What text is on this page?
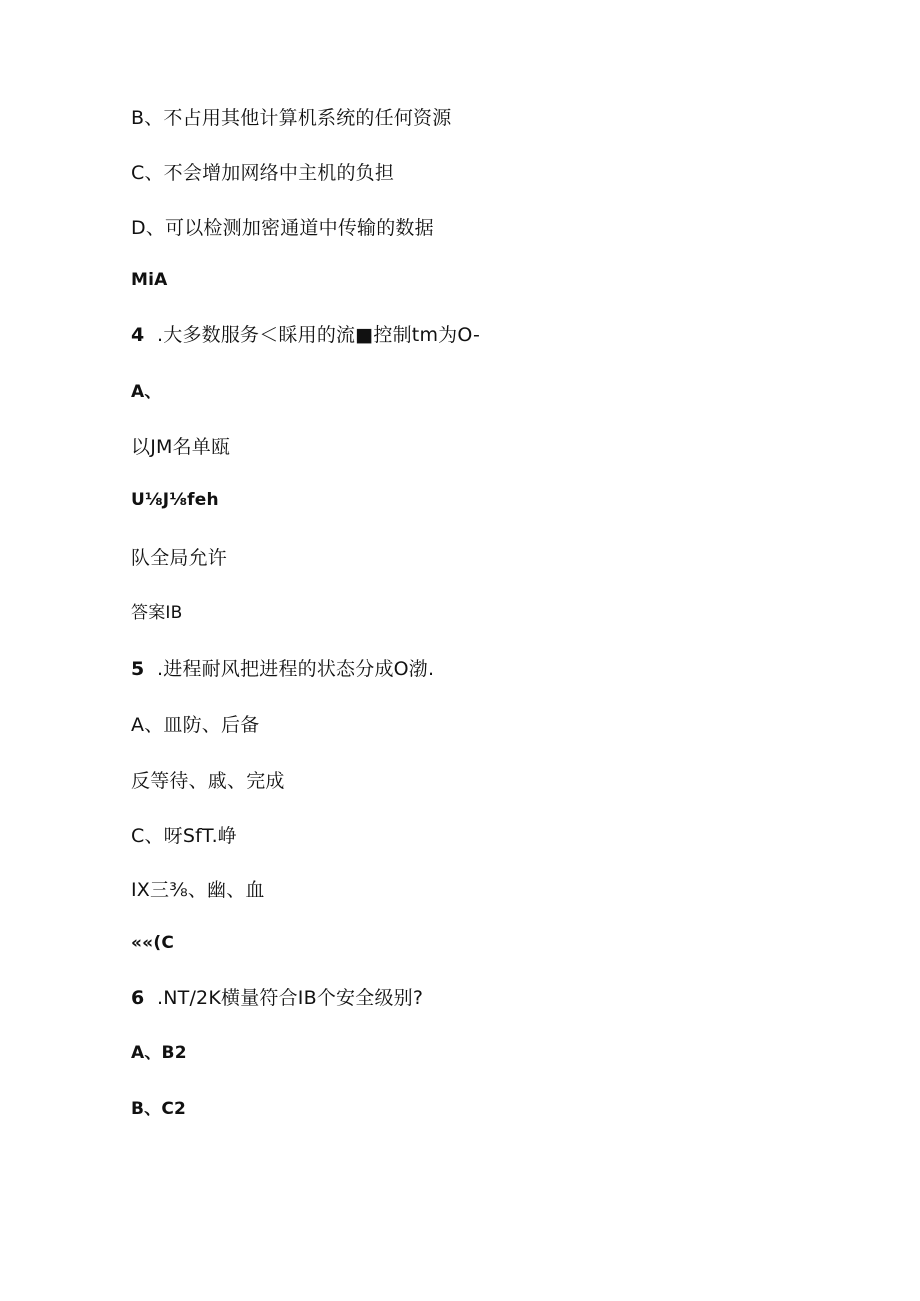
B、不占用其他计算机系统的任何资源
C、不会增加网络中主机的负担
D、可以检测加密通道中传输的数据
MiA
4 .大多数服务＜睬用的流■控制tm为O-
A、
以JM名单瓯
U⅛J⅛feh
队全局允许
答案IB
5 .进程耐风把进程的状态分成O渤.
A、皿防、后备
反等待、戚、完成
C、呀SfT.峥
IX三⅜、幽、血
««(C
6 .NT/2K横量符合IB个安全级别?
A、B2
B、C2
